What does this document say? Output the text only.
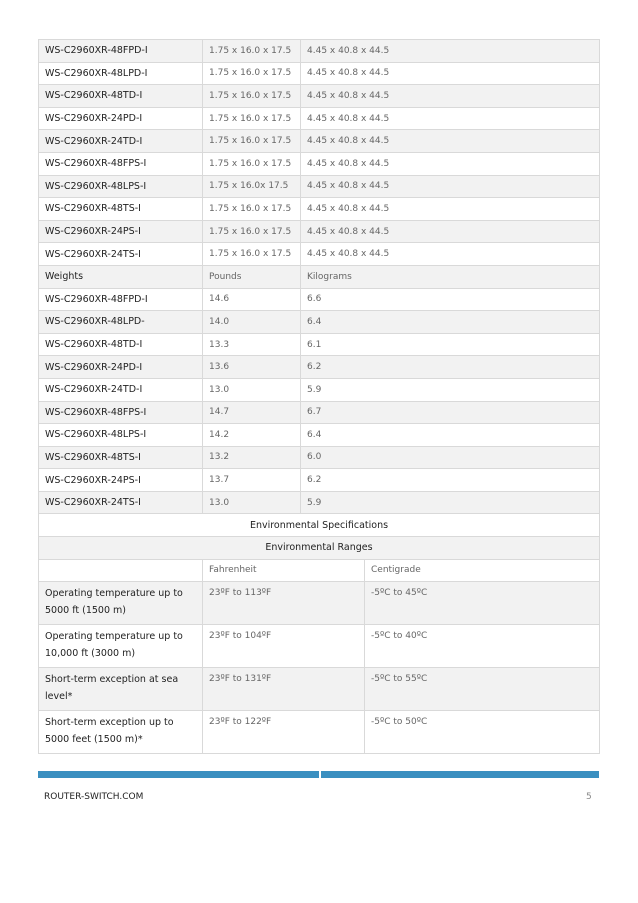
WS-C2960XR-48FPD-I	1.75 x 16.0 x 17.5	4.45 x 40.8 x 44.5	
WS-C2960XR-48LPD-I	1.75 x 16.0 x 17.5	4.45 x 40.8 x 44.5	
WS-C2960XR-48TD-I	1.75 x 16.0 x 17.5	4.45 x 40.8 x 44.5	
WS-C2960XR-24PD-I	1.75 x 16.0 x 17.5	4.45 x 40.8 x 44.5	
WS-C2960XR-24TD-I	1.75 x 16.0 x 17.5	4.45 x 40.8 x 44.5	
WS-C2960XR-48FPS-I	1.75 x 16.0 x 17.5	4.45 x 40.8 x 44.5	
WS-C2960XR-48LPS-I	1.75 x 16.0x 17.5	4.45 x 40.8 x 44.5	
WS-C2960XR-48TS-I	1.75 x 16.0 x 17.5	4.45 x 40.8 x 44.5	
WS-C2960XR-24PS-I	1.75 x 16.0 x 17.5	4.45 x 40.8 x 44.5	
WS-C2960XR-24TS-I	1.75 x 16.0 x 17.5	4.45 x 40.8 x 44.5	
Weights	Pounds	Kilograms	
WS-C2960XR-48FPD-I	14.6	6.6	
WS-C2960XR-48LPD-	14.0	6.4	
WS-C2960XR-48TD-I	13.3	6.1	
WS-C2960XR-24PD-I	13.6	6.2	
WS-C2960XR-24TD-I	13.0	5.9	
WS-C2960XR-48FPS-I	14.7	6.7	
WS-C2960XR-48LPS-I	14.2	6.4	
WS-C2960XR-48TS-I	13.2	6.0	
WS-C2960XR-24PS-I	13.7	6.2	
WS-C2960XR-24TS-I	13.0	5.9	
Environmental Specifications			
Environmental Ranges			
	Fahrenheit		Centigrade
Operating temperature up to 5000 ft (1500 m)	23ºF to 113ºF		-5ºC to 45ºC
Operating temperature up to 10,000 ft (3000 m)	23ºF to 104ºF		-5ºC to 40ºC
Short-term exception at sea level*	23ºF to 131ºF		-5ºC to 55ºC
Short-term exception up to 5000 feet (1500 m)*	23ºF to 122ºF		-5ºC to 50ºC
ROUTER-SWITCH.COM	5
